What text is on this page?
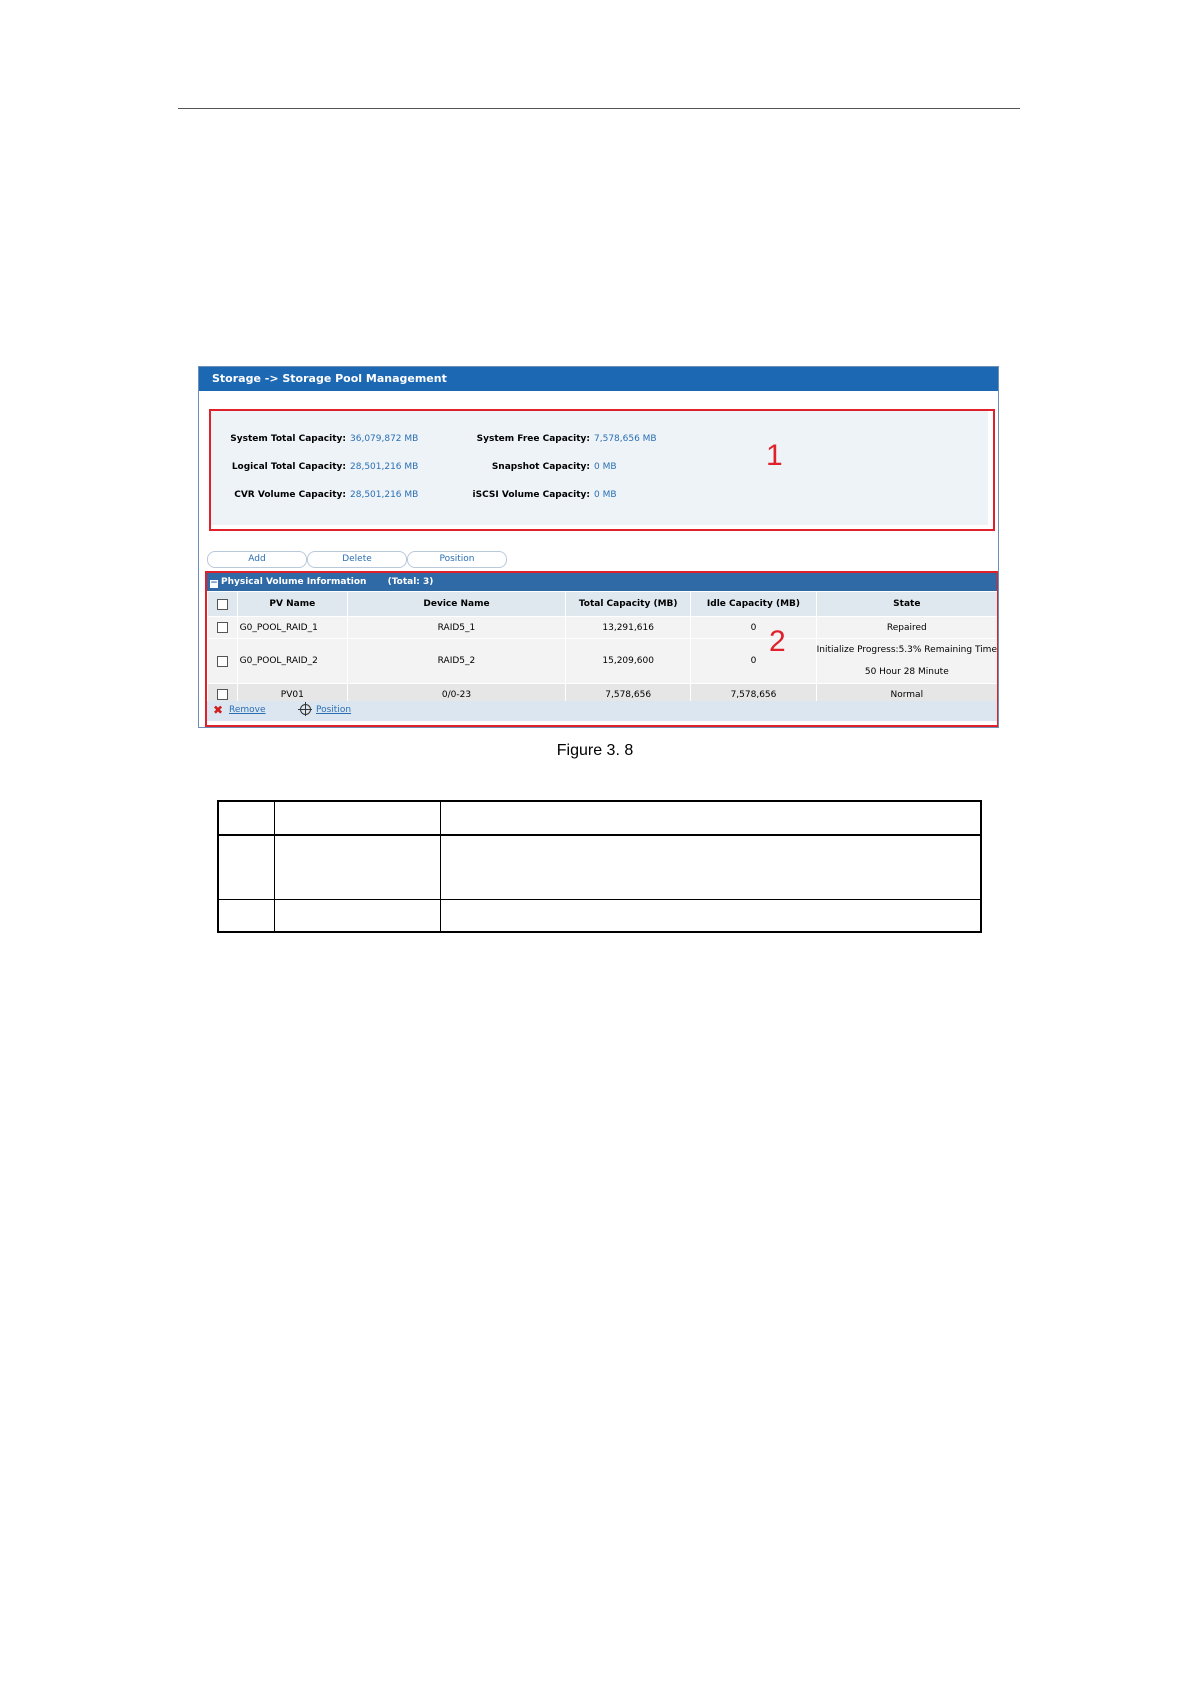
Storage -> Storage Pool Management
System Total Capacity: 36,079,872 MB
Logical Total Capacity: 28,501,216 MB
CVR Volume Capacity: 28,501,216 MB
System Free Capacity: 7,578,656 MB
Snapshot Capacity: 0 MB
iSCSI Volume Capacity: 0 MB
1
Add	Delete	Position
− Physical Volume Information (Total: 3)
	PV Name	Device Name	Total Capacity (MB)	Idle Capacity (MB)	State
	G0_POOL_RAID_1	RAID5_1	13,291,616	0	Repaired
	G0_POOL_RAID_2	RAID5_2	15,209,600	0	Initialize Progress:5.3% Remaining Time
50 Hour 28 Minute

	PV01	0/0-23	7,578,656	7,578,656	Normal
✖ Remove	Position
2
Figure 3. 8
